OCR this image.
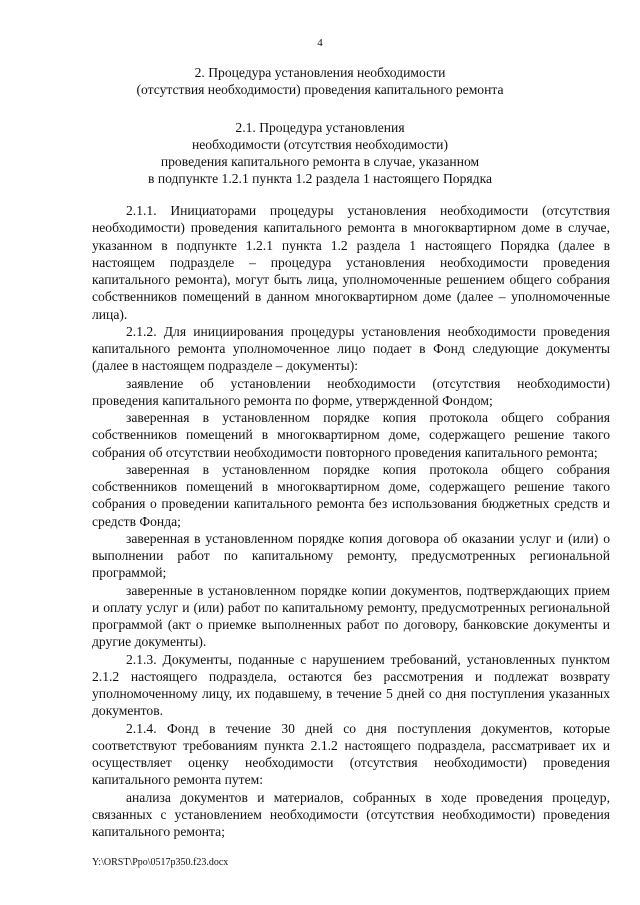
4
2. Процедура установления необходимости
(отсутствия необходимости) проведения капитального ремонта
2.1. Процедура установления
необходимости (отсутствия необходимости)
проведения капитального ремонта в случае, указанном
в подпункте 1.2.1 пункта 1.2 раздела 1 настоящего Порядка

2.1.1. Инициаторами процедуры установления необходимости (отсутствия необходимости) проведения капитального ремонта в многоквартирном доме в случае, указанном в подпункте 1.2.1 пункта 1.2 раздела 1 настоящего Порядка (далее в настоящем подразделе – процедура установления необходимости проведения капитального ремонта), могут быть лица, уполномоченные решением общего собрания собственников помещений в данном многоквартирном доме (далее – уполномоченные лица).

2.1.2. Для инициирования процедуры установления необходимости проведения капитального ремонта уполномоченное лицо подает в Фонд следующие документы (далее в настоящем подразделе – документы):

заявление об установлении необходимости (отсутствия необходимости) проведения капитального ремонта по форме, утвержденной Фондом;

заверенная в установленном порядке копия протокола общего собрания собственников помещений в многоквартирном доме, содержащего решение такого собрания об отсутствии необходимости повторного проведения капитального ремонта;

заверенная в установленном порядке копия протокола общего собрания собственников помещений в многоквартирном доме, содержащего решение такого собрания о проведении капитального ремонта без использования бюджетных средств и средств Фонда;

заверенная в установленном порядке копия договора об оказании услуг и (или) о выполнении работ по капитальному ремонту, предусмотренных региональной программой;

заверенные в установленном порядке копии документов, подтверждающих прием и оплату услуг и (или) работ по капитальному ремонту, предусмотренных региональной программой (акт о приемке выполненных работ по договору, банковские документы и другие документы).

2.1.3. Документы, поданные с нарушением требований, установленных пунктом 2.1.2 настоящего подраздела, остаются без рассмотрения и подлежат возврату уполномоченному лицу, их подавшему, в течение 5 дней со дня поступления указанных документов.

2.1.4. Фонд в течение 30 дней со дня поступления документов, которые соответствуют требованиям пункта 2.1.2 настоящего подраздела, рассматривает их и осуществляет оценку необходимости (отсутствия необходимости) проведения капитального ремонта путем:

анализа документов и материалов, собранных в ходе проведения процедур, связанных с установлением необходимости (отсутствия необходимости) проведения капитального ремонта;

Y:\ORST\Ppo\0517p350.f23.docx
